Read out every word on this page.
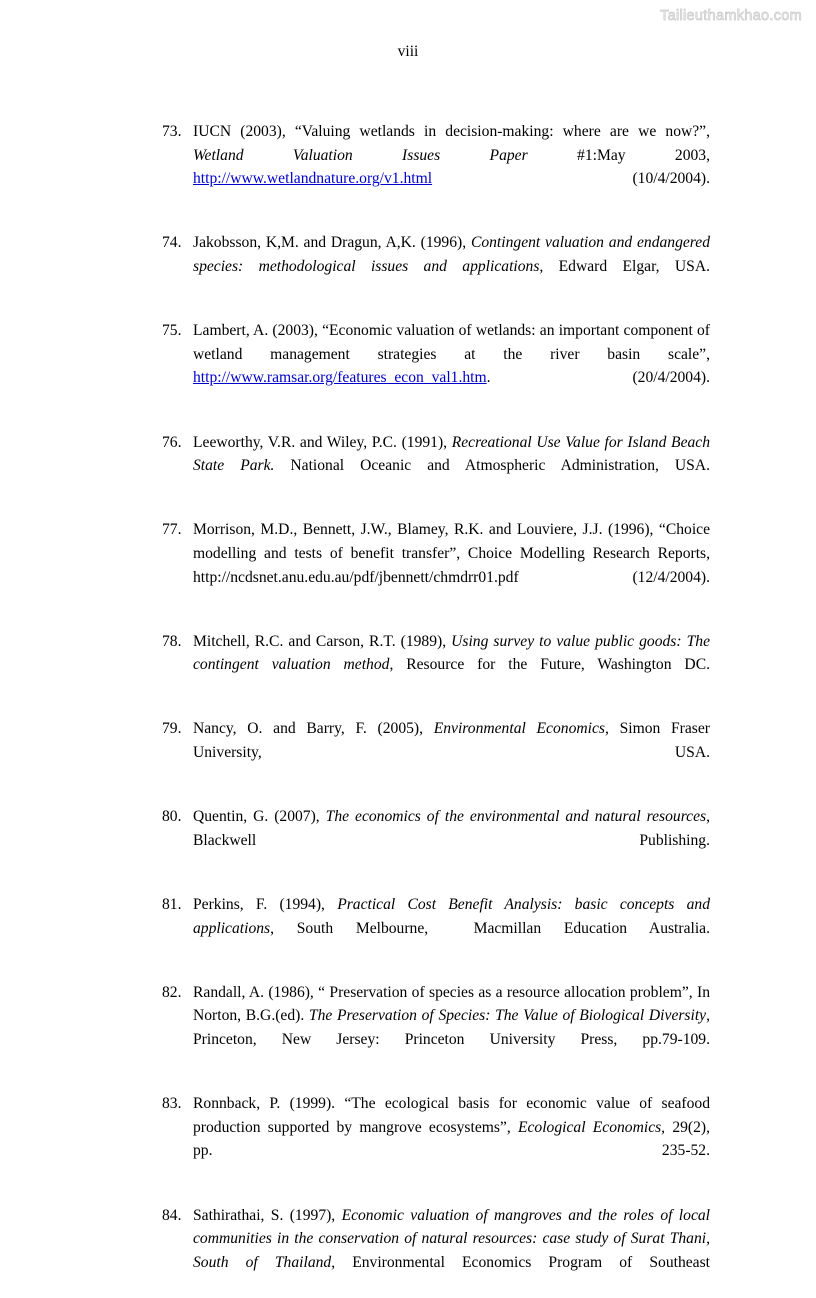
Tailieuthamkhao.com
viii
73. IUCN (2003), “Valuing wetlands in decision-making: where are we now?”, Wetland Valuation Issues Paper #1:May 2003, http://www.wetlandnature.org/v1.html (10/4/2004).
74. Jakobsson, K,M. and Dragun, A,K. (1996), Contingent valuation and endangered species: methodological issues and applications, Edward Elgar, USA.
75. Lambert, A. (2003), “Economic valuation of wetlands: an important component of wetland management strategies at the river basin scale”, http://www.ramsar.org/features_econ_val1.htm. (20/4/2004).
76. Leeworthy, V.R. and Wiley, P.C. (1991), Recreational Use Value for Island Beach State Park. National Oceanic and Atmospheric Administration, USA.
77. Morrison, M.D., Bennett, J.W., Blamey, R.K. and Louviere, J.J. (1996), “Choice modelling and tests of benefit transfer”, Choice Modelling Research Reports, http://ncdsnet.anu.edu.au/pdf/jbennett/chmdrr01.pdf (12/4/2004).
78. Mitchell, R.C. and Carson, R.T. (1989), Using survey to value public goods: The contingent valuation method, Resource for the Future, Washington DC.
79. Nancy, O. and Barry, F. (2005), Environmental Economics, Simon Fraser University, USA.
80. Quentin, G. (2007), The economics of the environmental and natural resources, Blackwell Publishing.
81. Perkins, F. (1994), Practical Cost Benefit Analysis: basic concepts and applications, South Melbourne,  Macmillan Education Australia.
82. Randall, A. (1986), “ Preservation of species as a resource allocation problem”, In Norton, B.G.(ed). The Preservation of Species: The Value of Biological Diversity, Princeton, New Jersey: Princeton University Press, pp.79-109.
83. Ronnback, P. (1999). “The ecological basis for economic value of seafood production supported by mangrove ecosystems”, Ecological Economics, 29(2), pp. 235-52.
84. Sathirathai, S. (1997), Economic valuation of mangroves and the roles of local communities in the conservation of natural resources: case study of Surat Thani, South of Thailand, Environmental Economics Program of Southeast
